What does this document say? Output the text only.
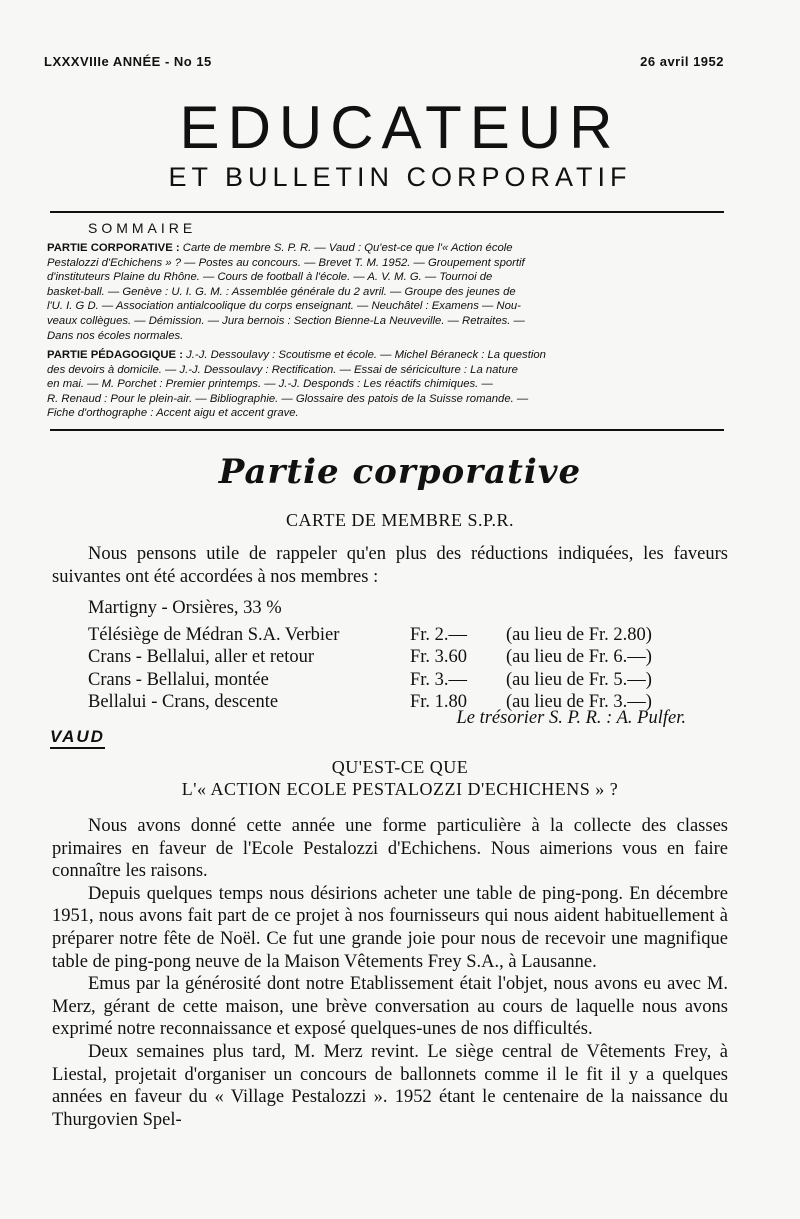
LXXXVIIIe ANNÉE - No 15	26 avril 1952
EDUCATEUR
ET BULLETIN CORPORATIF
SOMMAIRE
PARTIE CORPORATIVE : Carte de membre S. P. R. — Vaud : Qu'est-ce que l'« Action école
Pestalozzi d'Echichens » ? — Postes au concours. — Brevet T. M. 1952. — Groupement sportif
d'instituteurs Plaine du Rhône. — Cours de football à l'école. — A. V. M. G. — Tournoi de
basket-ball. — Genève : U. I. G. M. : Assemblée générale du 2 avril. — Groupe des jeunes de
l'U. I. G D. — Association antialcoolique du corps enseignant. — Neuchâtel : Examens — Nou-
veaux collègues. — Démission. — Jura bernois : Section Bienne-La Neuveville. — Retraites. —
Dans nos écoles normales.
PARTIE PÉDAGOGIQUE : J.-J. Dessoulavy : Scoutisme et école. — Michel Béraneck : La question
des devoirs à domicile. — J.-J. Dessoulavy : Rectification. — Essai de sériciculture : La nature
en mai. — M. Porchet : Premier printemps. — J.-J. Desponds : Les réactifs chimiques. —
R. Renaud : Pour le plein-air. — Bibliographie. — Glossaire des patois de la Suisse romande. —
Fiche d'orthographe : Accent aigu et accent grave.
Partie corporative
CARTE DE MEMBRE S.P.R.

Nous pensons utile de rappeler qu'en plus des réductions indiquées, les faveurs suivantes ont été accordées à nos membres :

Martigny - Orsières, 33 %
Télésiège de Médran S.A. Verbier	Fr. 2.—	(au lieu de Fr. 2.80)
Crans - Bellalui, aller et retour	Fr. 3.60	(au lieu de Fr. 6.—)
Crans - Bellalui, montée	Fr. 3.—	(au lieu de Fr. 5.—)
Bellalui - Crans, descente	Fr. 1.80	(au lieu de Fr. 3.—)
Le trésorier S. P. R. : A. Pulfer.
VAUD
QU'EST-CE QUE
L'« ACTION ECOLE PESTALOZZI D'ECHICHENS » ?

Nous avons donné cette année une forme particulière à la collecte des classes primaires en faveur de l'Ecole Pestalozzi d'Echichens. Nous aimerions vous en faire connaître les raisons.

Depuis quelques temps nous désirions acheter une table de ping-pong. En décembre 1951, nous avons fait part de ce projet à nos fournisseurs qui nous aident habituellement à préparer notre fête de Noël. Ce fut une grande joie pour nous de recevoir une magnifique table de ping-pong neuve de la Maison Vêtements Frey S.A., à Lausanne.

Emus par la générosité dont notre Etablissement était l'objet, nous avons eu avec M. Merz, gérant de cette maison, une brève conversation au cours de laquelle nous avons exprimé notre reconnaissance et exposé quelques-unes de nos difficultés.

Deux semaines plus tard, M. Merz revint. Le siège central de Vêtements Frey, à Liestal, projetait d'organiser un concours de ballonnets comme il le fit il y a quelques années en faveur du « Village Pestalozzi ». 1952 étant le centenaire de la naissance du Thurgovien Spel-
